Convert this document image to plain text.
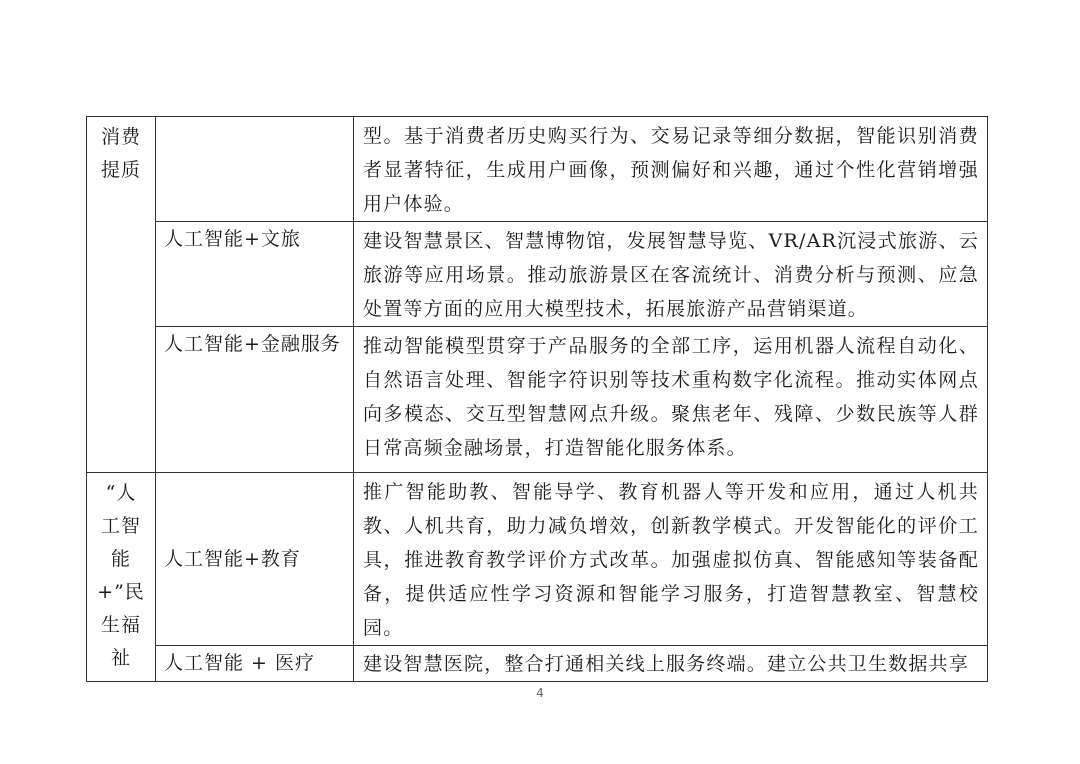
消费提质		型。基于消费者历史购买行为、交易记录等细分数据，智能识别消费者显著特征，生成用户画像，预测偏好和兴趣，通过个性化营销增强用户体验。

	人工智能+文旅	建设智慧景区、智慧博物馆，发展智慧导览、VR/AR沉浸式旅游、云旅游等应用场景。推动旅游景区在客流统计、消费分析与预测、应急处置等方面的应用大模型技术，拓展旅游产品营销渠道。

	人工智能+金融服务	推动智能模型贯穿于产品服务的全部工序，运用机器人流程自动化、自然语言处理、智能字符识别等技术重构数字化流程。推动实体网点向多模态、交互型智慧网点升级。聚焦老年、残障、少数民族等人群日常高频金融场景，打造智能化服务体系。

“人工智能+”民生福祉	人工智能+教育	推广智能助教、智能导学、教育机器人等开发和应用，通过人机共教、人机共育，助力减负增效，创新教学模式。开发智能化的评价工具，推进教育教学评价方式改革。加强虚拟仿真、智能感知等装备配备，提供适应性学习资源和智能学习服务，打造智慧教室、智慧校园。

	人工智能 + 医疗	建设智慧医院，整合打通相关线上服务终端。建立公共卫生数据共享
4
